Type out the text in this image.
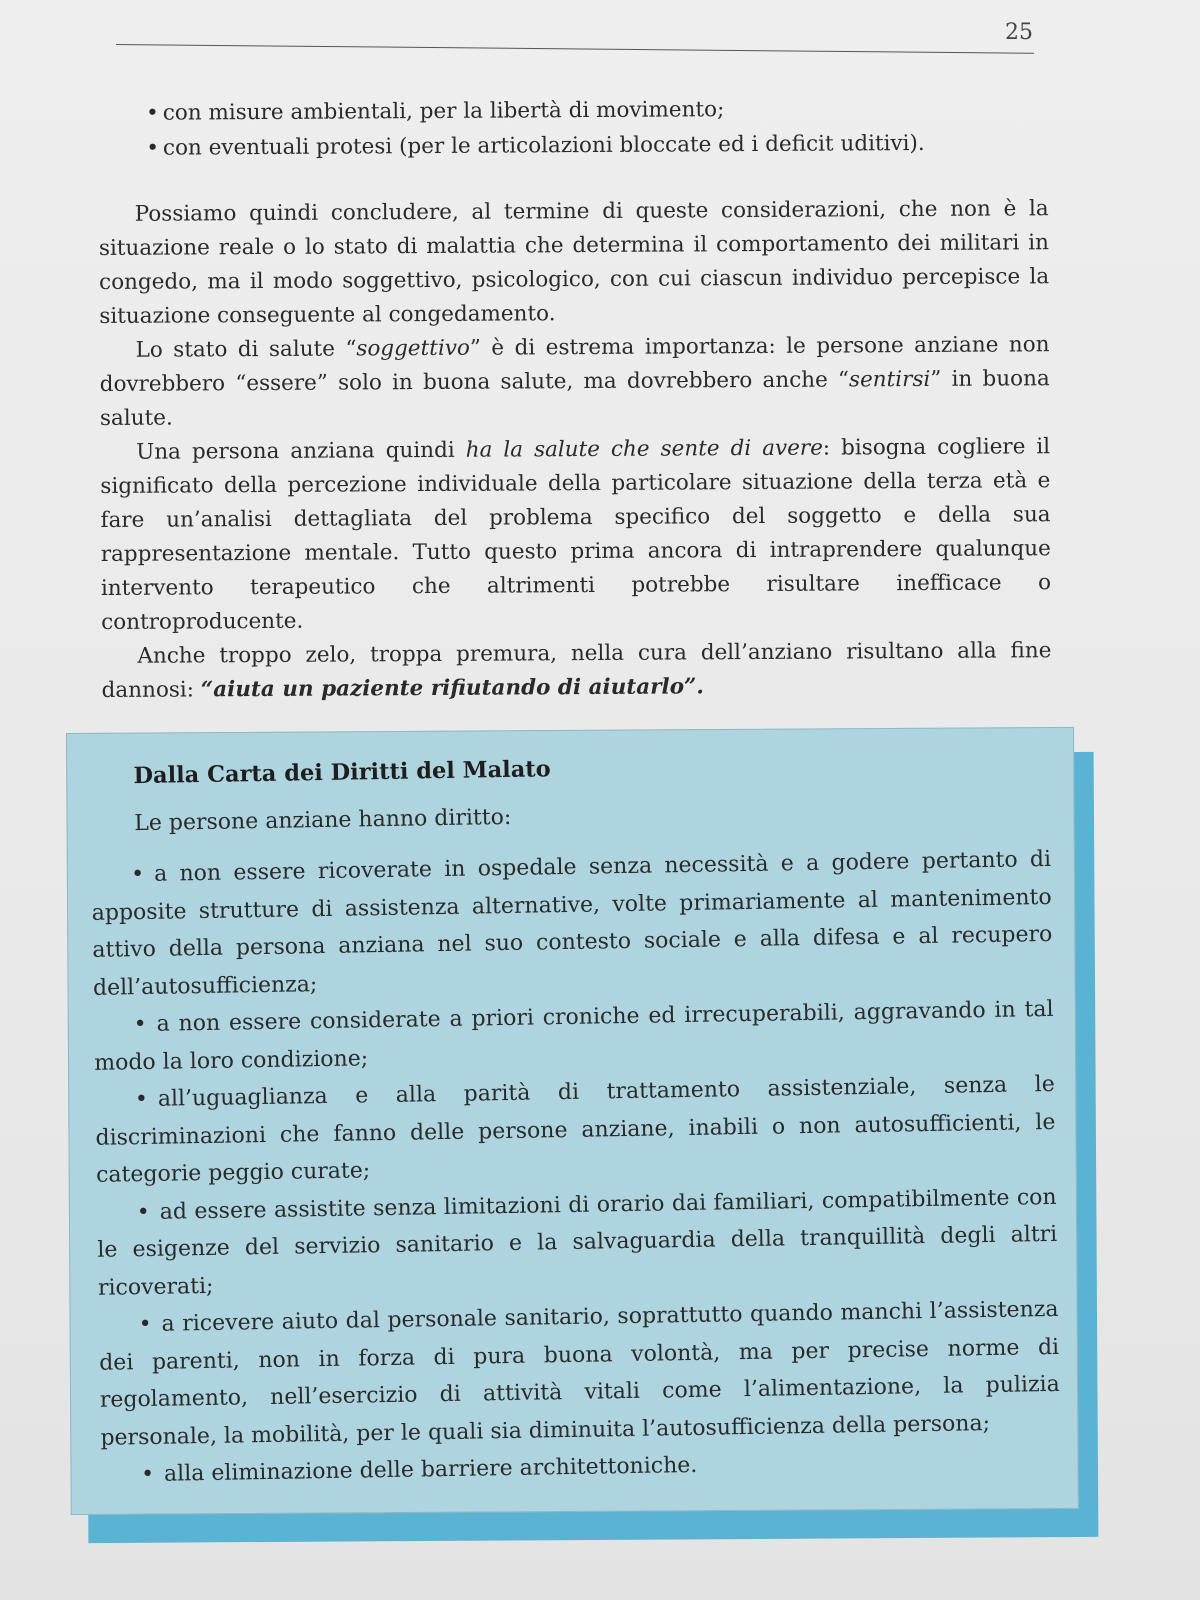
25
• con misure ambientali, per la libertà di movimento;
• con eventuali protesi (per le articolazioni bloccate ed i deficit uditivi).

Possiamo quindi concludere, al termine di queste considerazioni, che non è la situazione reale o lo stato di malattia che determina il comportamento dei militari in congedo, ma il modo soggettivo, psicologico, con cui ciascun individuo percepisce la situazione conseguente al congedamento.

Lo stato di salute “soggettivo” è di estrema importanza: le persone anziane non dovrebbero “essere” solo in buona salute, ma dovrebbero anche “sentirsi” in buona salute.

Una persona anziana quindi ha la salute che sente di avere: bisogna cogliere il significato della percezione individuale della particolare situazione della terza età e fare un’analisi dettagliata del problema specifico del soggetto e della sua rappresentazione mentale. Tutto questo prima ancora di intraprendere qualunque intervento terapeutico che altrimenti potrebbe risultare inefficace o controproducente.

Anche troppo zelo, troppa premura, nella cura dell’anziano risultano alla fine dannosi: “aiuta un paziente rifiutando di aiutarlo”.

Dalla Carta dei Diritti del Malato
Le persone anziane hanno diritto:
• a non essere ricoverate in ospedale senza necessità e a godere pertanto di apposite strutture di assistenza alternative, volte primariamente al mantenimento attivo della persona anziana nel suo contesto sociale e alla difesa e al recupero dell’autosufficienza;
• a non essere considerate a priori croniche ed irrecuperabili, aggravando in tal modo la loro condizione;
• all’uguaglianza e alla parità di trattamento assistenziale, senza le discriminazioni che fanno delle persone anziane, inabili o non autosufficienti, le categorie peggio curate;
• ad essere assistite senza limitazioni di orario dai familiari, compatibilmente con le esigenze del servizio sanitario e la salvaguardia della tranquillità degli altri ricoverati;
• a ricevere aiuto dal personale sanitario, soprattutto quando manchi l’assistenza dei parenti, non in forza di pura buona volontà, ma per precise norme di regolamento, nell’esercizio di attività vitali come l’alimentazione, la pulizia personale, la mobilità, per le quali sia diminuita l’autosufficienza della persona;
• alla eliminazione delle barriere architettoniche.
